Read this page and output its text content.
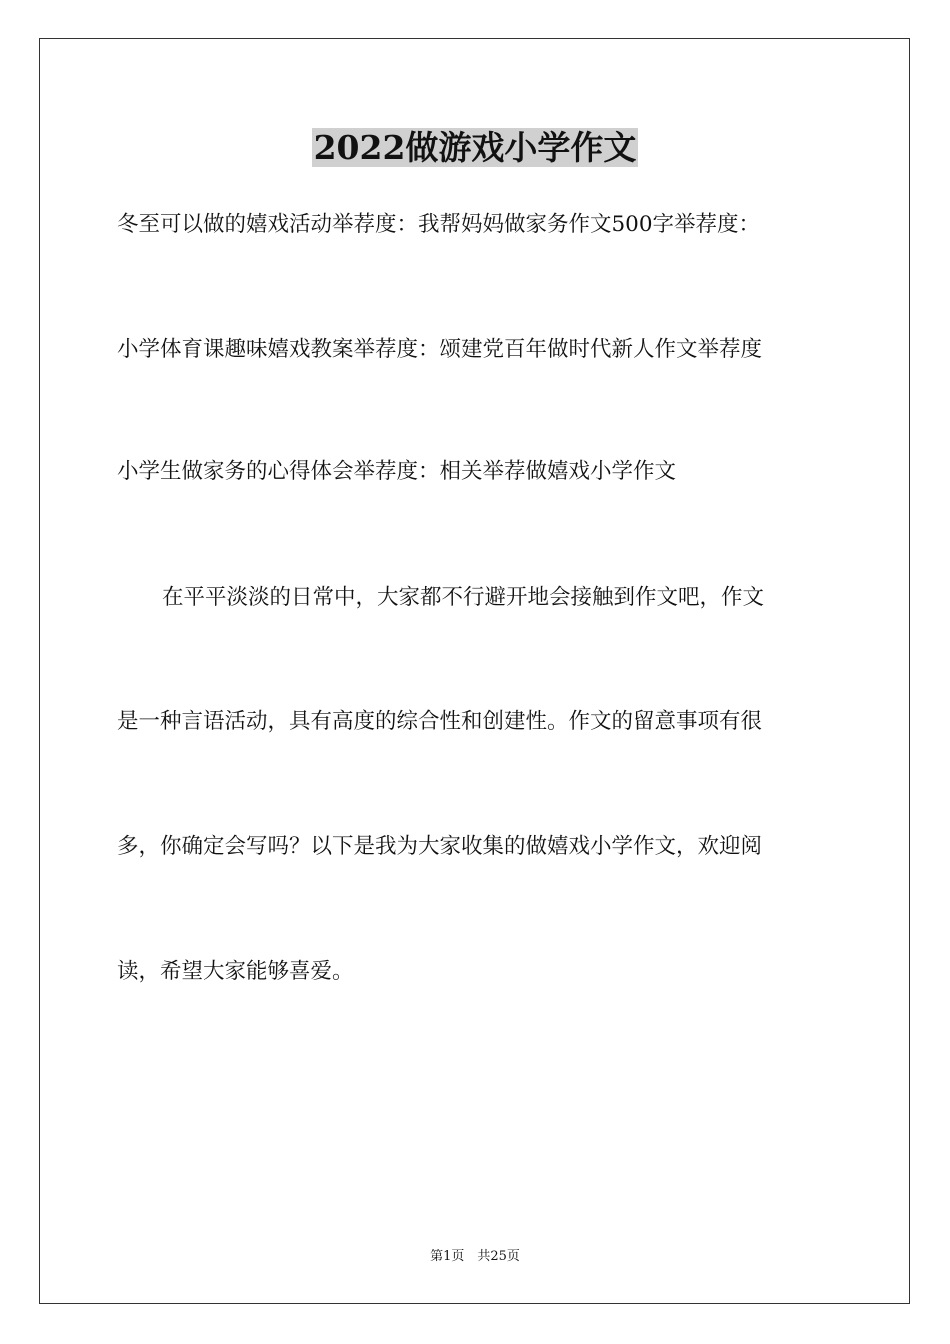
2022做游戏小学作文
冬至可以做的嬉戏活动举荐度：我帮妈妈做家务作文500字举荐度：
小学体育课趣味嬉戏教案举荐度：颂建党百年做时代新人作文举荐度
小学生做家务的心得体会举荐度：相关举荐做嬉戏小学作文
在平平淡淡的日常中，大家都不行避开地会接触到作文吧，作文
是一种言语活动，具有高度的综合性和创建性。作文的留意事项有很
多，你确定会写吗？以下是我为大家收集的做嬉戏小学作文，欢迎阅
读，希望大家能够喜爱。
第1页　共25页
